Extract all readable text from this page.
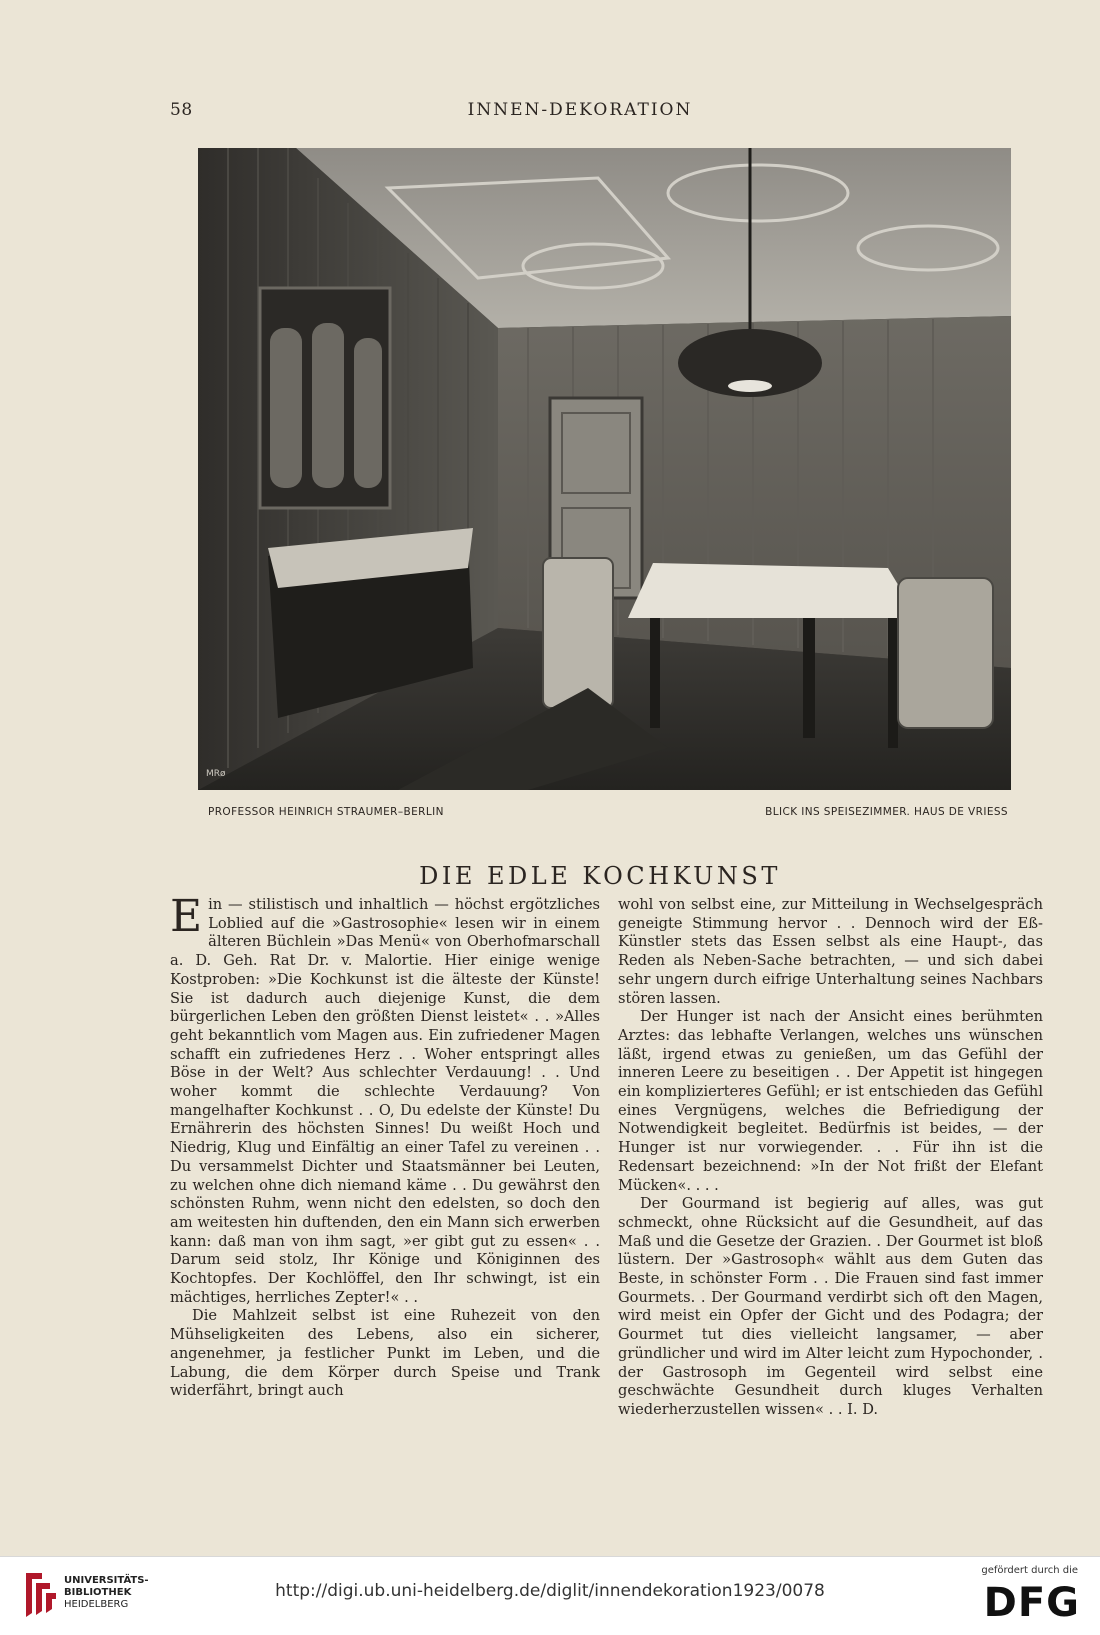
58	INNEN-DEKORATION
MRø
PROFESSOR HEINRICH STRAUMER–BERLIN	BLICK INS SPEISEZIMMER. HAUS DE VRIESS
DIE EDLE KOCHKUNST

Ein — stilistisch und inhaltlich — höchst ergötzliches Loblied auf die »Gastrosophie« lesen wir in einem älteren Büchlein »Das Menü« von Oberhofmarschall a. D. Geh. Rat Dr. v. Malortie. Hier einige wenige Kostproben: »Die Kochkunst ist die älteste der Künste! Sie ist dadurch auch diejenige Kunst, die dem bürgerlichen Leben den größten Dienst leistet« . . »Alles geht bekanntlich vom Magen aus. Ein zufriedener Magen schafft ein zufriedenes Herz . . Woher entspringt alles Böse in der Welt? Aus schlechter Verdauung! . . Und woher kommt die schlechte Verdauung? Von mangelhafter Kochkunst . . O, Du edelste der Künste! Du Ernährerin des höchsten Sinnes! Du weißt Hoch und Niedrig, Klug und Einfältig an einer Tafel zu vereinen . . Du versammelst Dichter und Staatsmänner bei Leuten, zu welchen ohne dich niemand käme . . Du gewährst den schönsten Ruhm, wenn nicht den edelsten, so doch den am weitesten hin duftenden, den ein Mann sich erwerben kann: daß man von ihm sagt, »er gibt gut zu essen« . . Darum seid stolz, Ihr Könige und Königinnen des Kochtopfes. Der Kochlöffel, den Ihr schwingt, ist ein mächtiges, herrliches Zepter!« . .

Die Mahlzeit selbst ist eine Ruhezeit von den Mühseligkeiten des Lebens, also ein sicherer, angenehmer, ja festlicher Punkt im Leben, und die Labung, die dem Körper durch Speise und Trank widerfährt, bringt auch

wohl von selbst eine, zur Mitteilung in Wechselgespräch geneigte Stimmung hervor . . Dennoch wird der Eß-Künstler stets das Essen selbst als eine Haupt-, das Reden als Neben-Sache betrachten, — und sich dabei sehr ungern durch eifrige Unterhaltung seines Nachbars stören lassen.

Der Hunger ist nach der Ansicht eines berühmten Arztes: das lebhafte Verlangen, welches uns wünschen läßt, irgend etwas zu genießen, um das Gefühl der inneren Leere zu beseitigen . . Der Appetit ist hingegen ein komplizierteres Gefühl; er ist entschieden das Gefühl eines Vergnügens, welches die Befriedigung der Notwendigkeit begleitet. Bedürfnis ist beides, — der Hunger ist nur vorwiegender. . . Für ihn ist die Redensart bezeichnend: »In der Not frißt der Elefant Mücken«. . . .

Der Gourmand ist begierig auf alles, was gut schmeckt, ohne Rücksicht auf die Gesundheit, auf das Maß und die Gesetze der Grazien. . Der Gourmet ist bloß lüstern. Der »Gastrosoph« wählt aus dem Guten das Beste, in schönster Form . . Die Frauen sind fast immer Gourmets. . Der Gourmand verdirbt sich oft den Magen, wird meist ein Opfer der Gicht und des Podagra; der Gourmet tut dies vielleicht langsamer, — aber gründlicher und wird im Alter leicht zum Hypochonder, . der Gastrosoph im Gegenteil wird selbst eine geschwächte Gesundheit durch kluges Verhalten wiederherzustellen wissen« . . I. D.

UNIVERSITÄTS-
BIBLIOTHEK
HEIDELBERG
http://digi.ub.uni-heidelberg.de/diglit/innendekoration1923/0078
gefördert durch die
DFG
